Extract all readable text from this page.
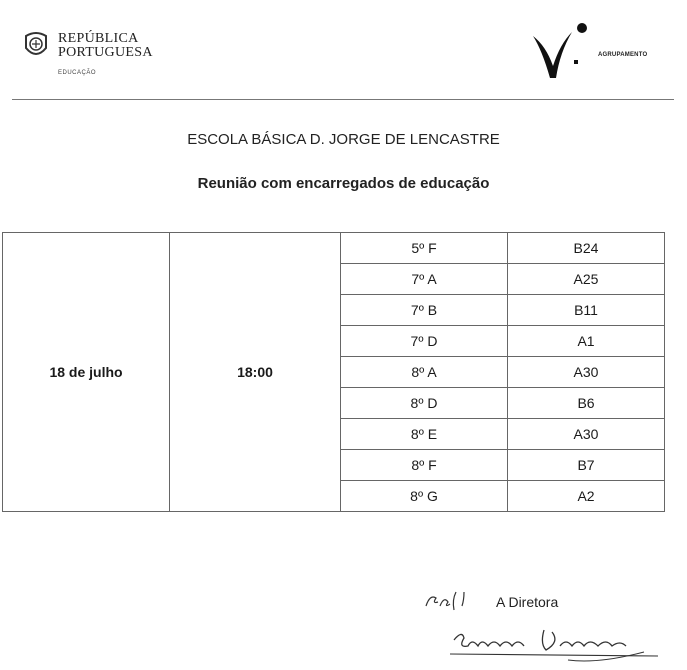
REPÚBLICA
PORTUGUESA
EDUCAÇÃO
AGRUPAMENTO
ESCOLA BÁSICA D. JORGE DE LENCASTRE
Reunião com encarregados de educação
18 de julho	18:00	5º F	B24
		7º A	A25
		7º B	B11
		7º D	A1
		8º A	A30
		8º D	B6
		8º E	A30
		8º F	B7
		8º G	A2
A Diretora
